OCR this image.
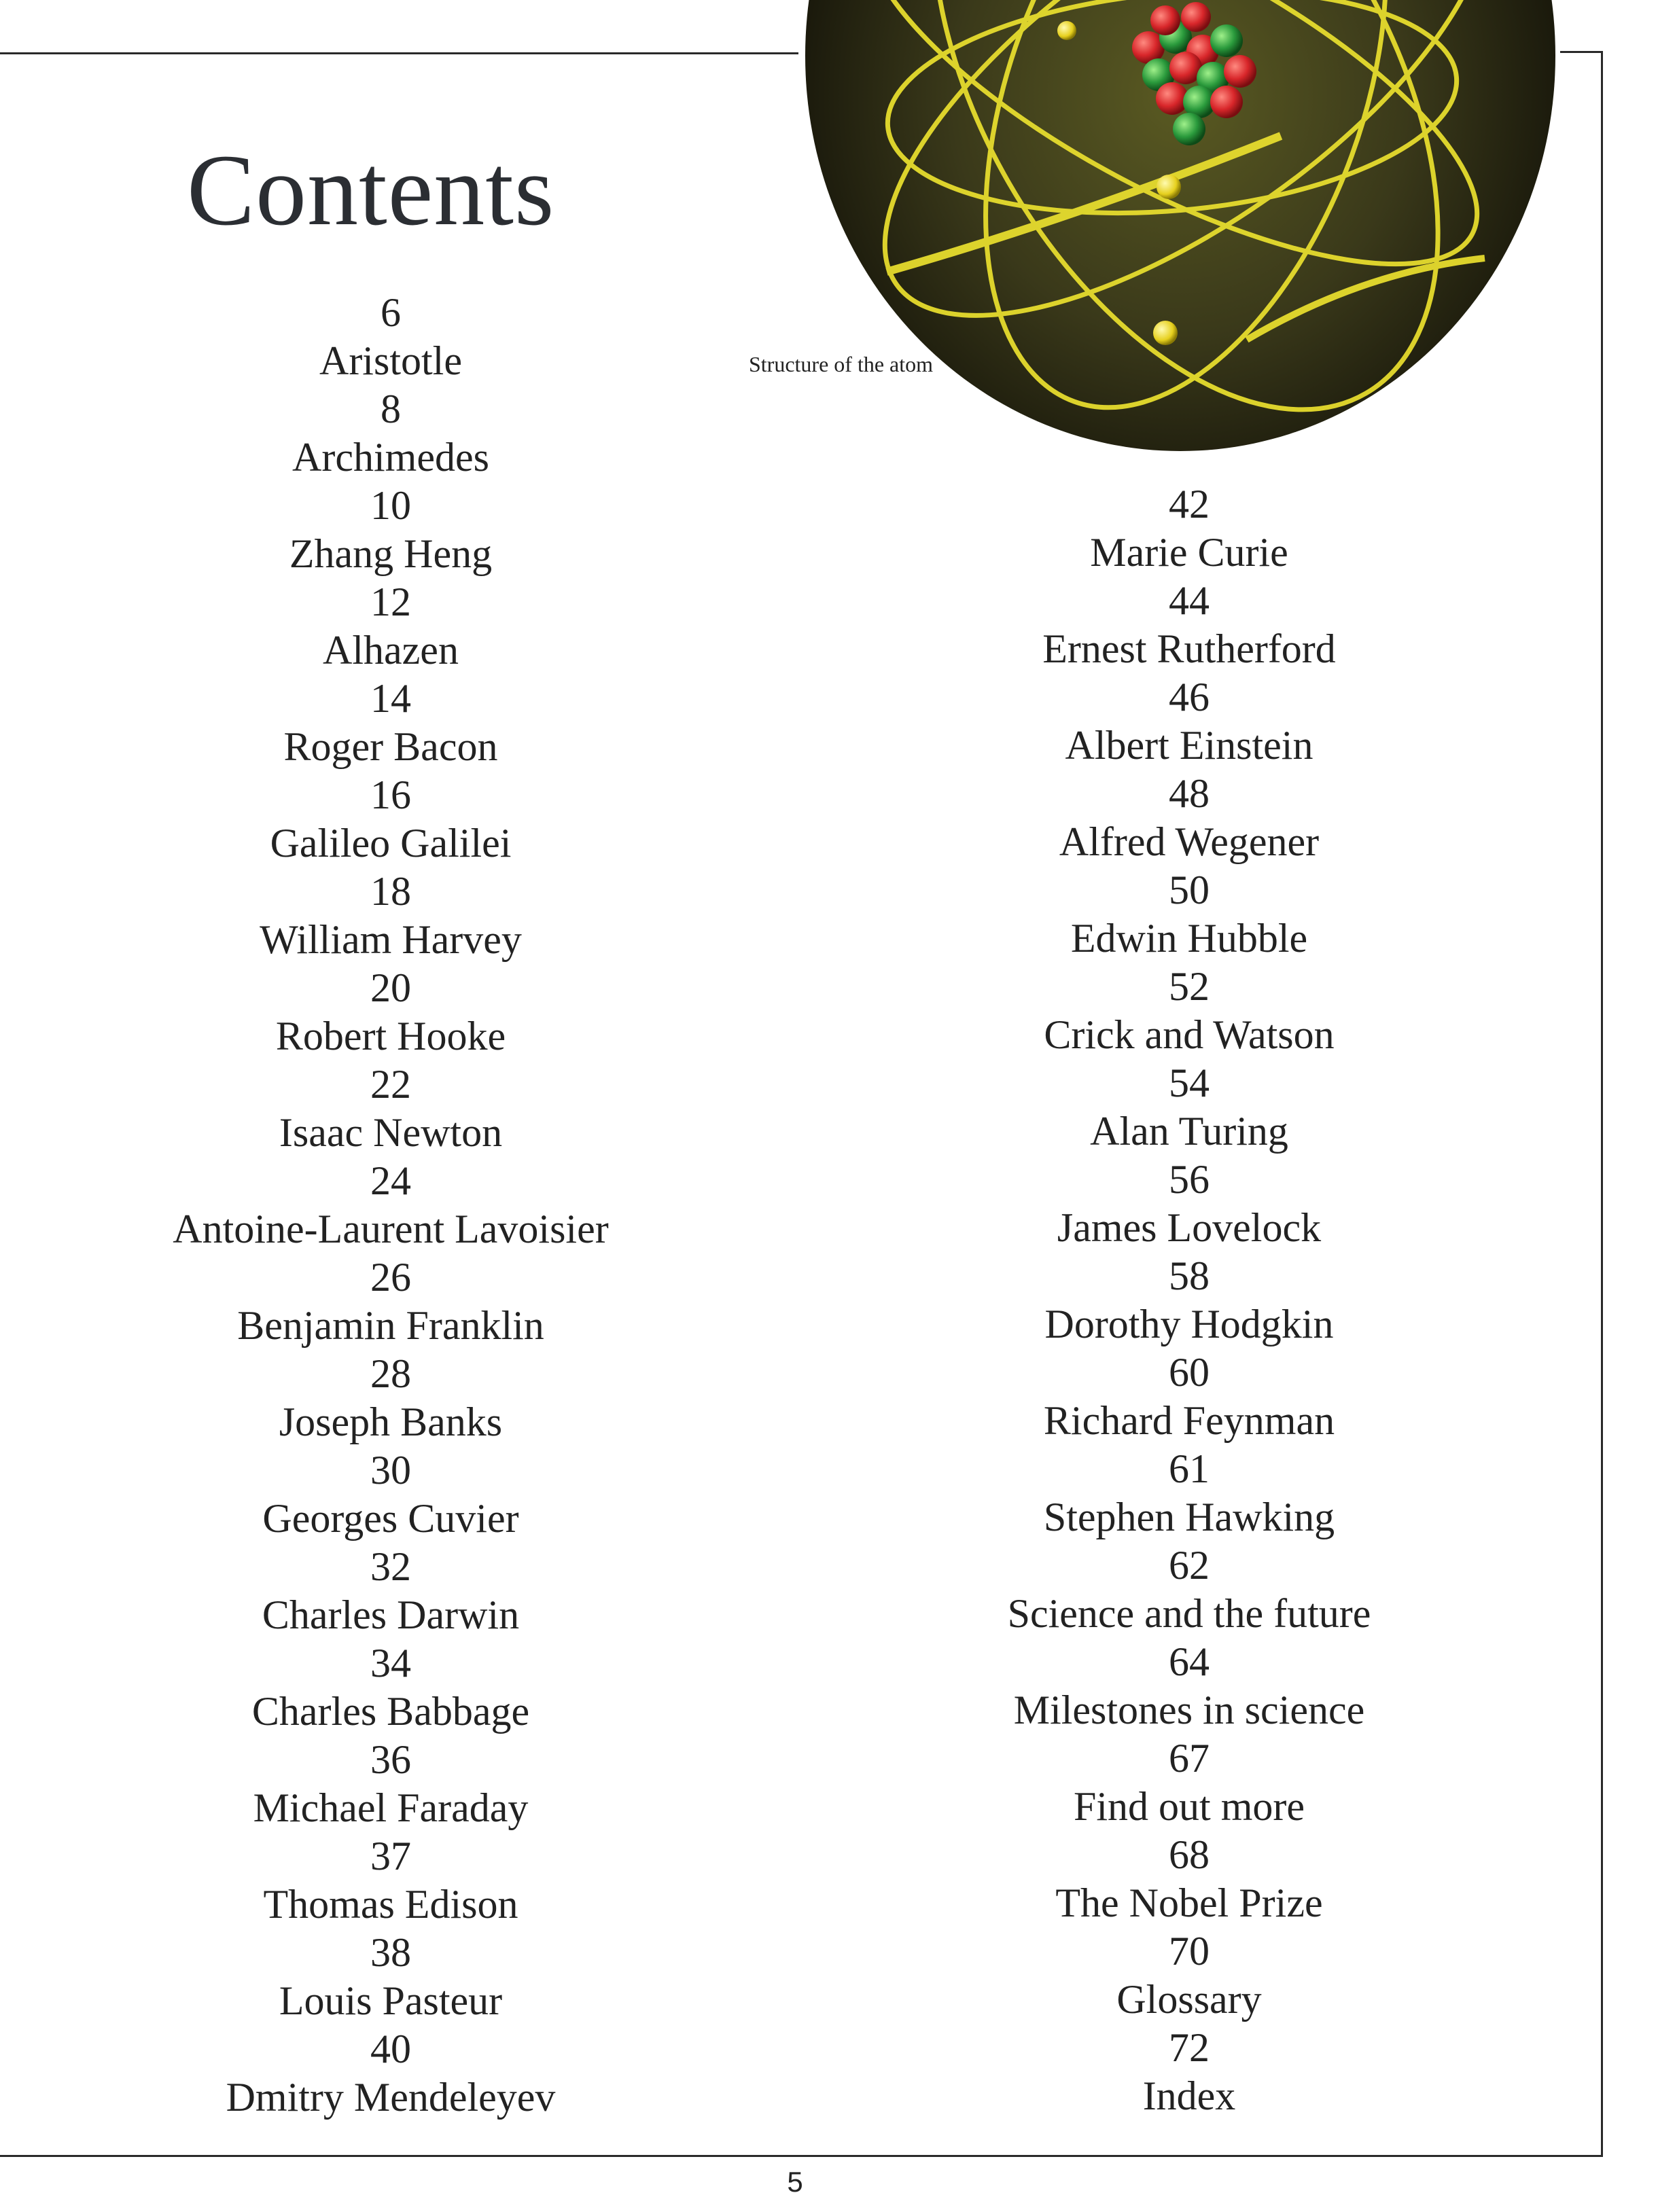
Contents
Structure of the atom
6
Aristotle
8
Archimedes
10
Zhang Heng
12
Alhazen
14
Roger Bacon
16
Galileo Galilei
18
William Harvey
20
Robert Hooke
22
Isaac Newton
24
Antoine-Laurent Lavoisier
26
Benjamin Franklin
28
Joseph Banks
30
Georges Cuvier
32
Charles Darwin
34
Charles Babbage
36
Michael Faraday
37
Thomas Edison
38
Louis Pasteur
40
Dmitry Mendeleyev
42
Marie Curie
44
Ernest Rutherford
46
Albert Einstein
48
Alfred Wegener
50
Edwin Hubble
52
Crick and Watson
54
Alan Turing
56
James Lovelock
58
Dorothy Hodgkin
60
Richard Feynman
61
Stephen Hawking
62
Science and the future
64
Milestones in science
67
Find out more
68
The Nobel Prize
70
Glossary
72
Index
5
